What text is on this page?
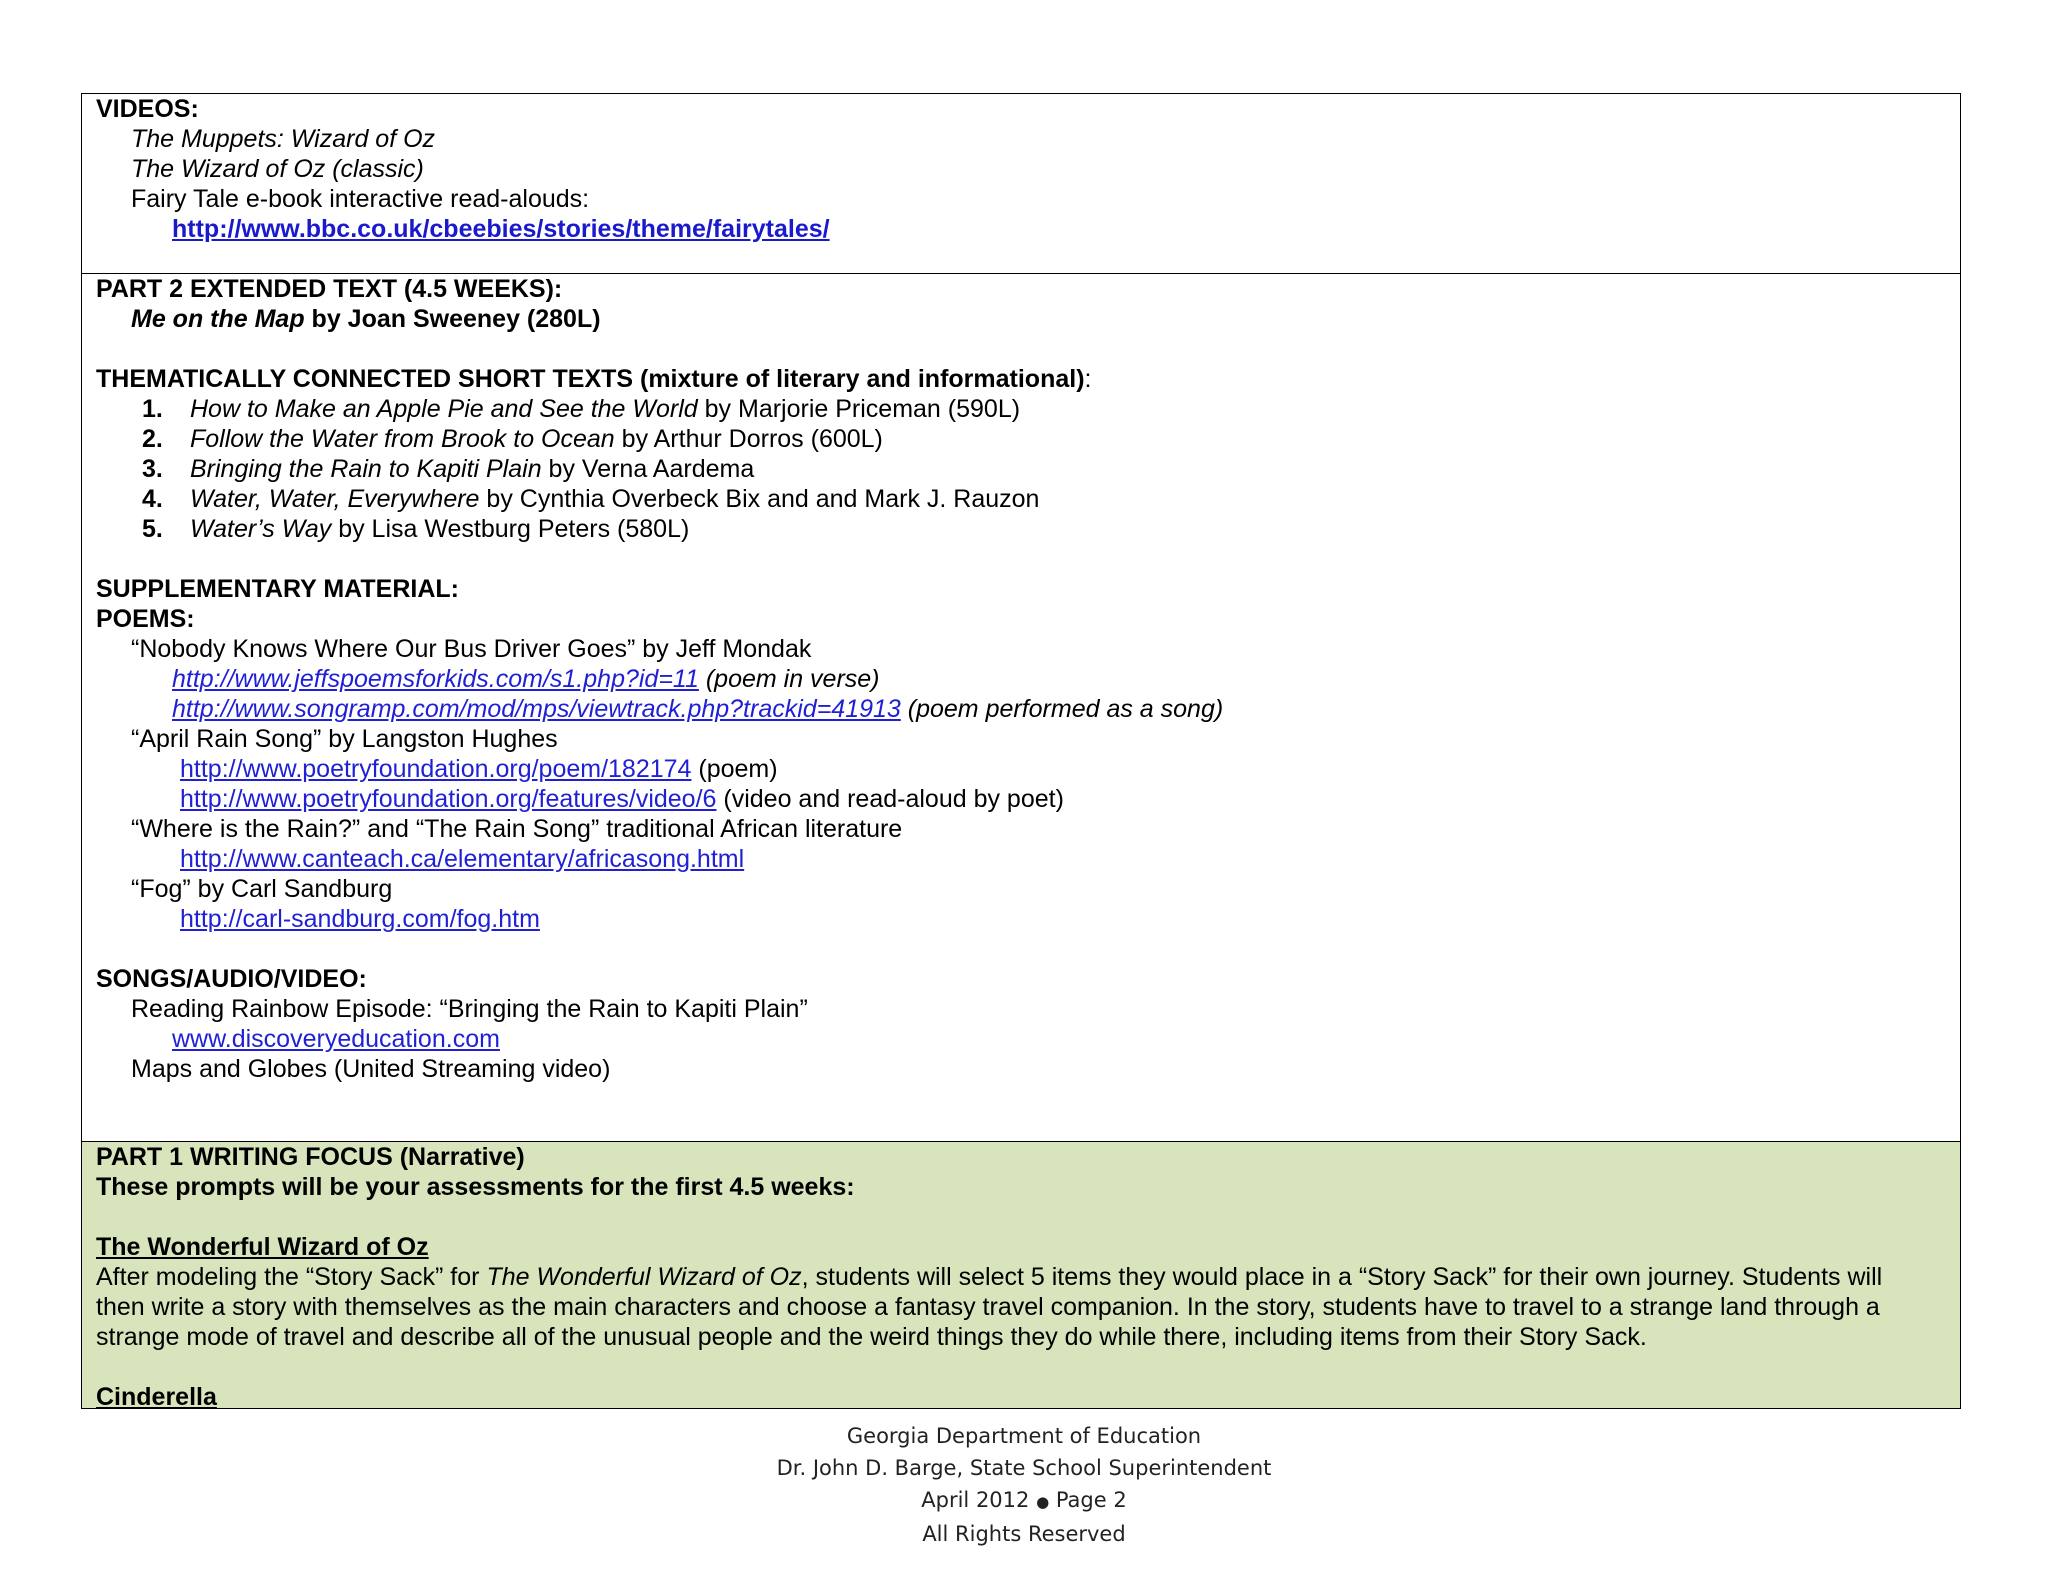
VIDEOS:
The Muppets: Wizard of Oz
The Wizard of Oz (classic)
Fairy Tale e-book interactive read-alouds:
http://www.bbc.co.uk/cbeebies/stories/theme/fairytales/
PART 2 EXTENDED TEXT (4.5 WEEKS):
Me on the Map by Joan Sweeney (280L)
THEMATICALLY CONNECTED SHORT TEXTS (mixture of literary and informational):
1.	How to Make an Apple Pie and See the World by Marjorie Priceman (590L)
2.	Follow the Water from Brook to Ocean by Arthur Dorros (600L)
3.	Bringing the Rain to Kapiti Plain by Verna Aardema
4.	Water, Water, Everywhere by Cynthia Overbeck Bix and and Mark J. Rauzon
5.	Water’s Way by Lisa Westburg Peters (580L)
SUPPLEMENTARY MATERIAL:
POEMS:
“Nobody Knows Where Our Bus Driver Goes” by Jeff Mondak
http://www.jeffspoemsforkids.com/s1.php?id=11 (poem in verse)
http://www.songramp.com/mod/mps/viewtrack.php?trackid=41913 (poem performed as a song)
“April Rain Song” by Langston Hughes
http://www.poetryfoundation.org/poem/182174 (poem)
http://www.poetryfoundation.org/features/video/6 (video and read-aloud by poet)
“Where is the Rain?” and “The Rain Song” traditional African literature
http://www.canteach.ca/elementary/africasong.html
“Fog” by Carl Sandburg
http://carl-sandburg.com/fog.htm
SONGS/AUDIO/VIDEO:
Reading Rainbow Episode: “Bringing the Rain to Kapiti Plain”
www.discoveryeducation.com
Maps and Globes (United Streaming video)
PART 1 WRITING FOCUS (Narrative)
These prompts will be your assessments for the first 4.5 weeks:
The Wonderful Wizard of Oz
After modeling the “Story Sack” for The Wonderful Wizard of Oz, students will select 5 items they would place in a “Story Sack” for their own journey. Students will then write a story with themselves as the main characters and choose a fantasy travel companion. In the story, students have to travel to a strange land through a strange mode of travel and describe all of the unusual people and the weird things they do while there, including items from their Story Sack.
Cinderella
Georgia Department of Education
Dr. John D. Barge, State School Superintendent
April 2012 ● Page 2
All Rights Reserved
